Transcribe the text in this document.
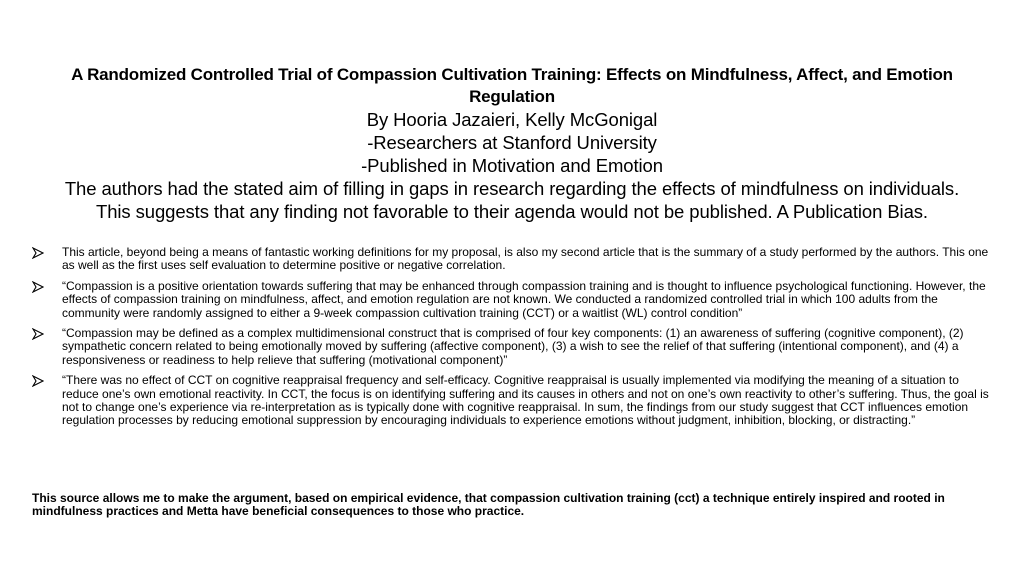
A Randomized Controlled Trial of Compassion Cultivation Training: Effects on Mindfulness, Affect, and Emotion Regulation
By Hooria Jazaieri, Kelly McGonigal
-Researchers at Stanford University
-Published in Motivation and Emotion
The authors had the stated aim of filling in gaps in research regarding the effects of mindfulness on individuals.
This suggests that any finding not favorable to their agenda would not be published. A Publication Bias.
This article, beyond being a means of fantastic working definitions for my proposal, is also my second article that is the summary of a study performed by the authors. This one as well as the first uses self evaluation to determine positive or negative correlation.
“Compassion is a positive orientation towards suffering that may be enhanced through compassion training and is thought to influence psychological functioning. However, the effects of compassion training on mindfulness, affect, and emotion regulation are not known. We conducted a randomized controlled trial in which 100 adults from the community were randomly assigned to either a 9-week compassion cultivation training (CCT) or a waitlist (WL) control condition”
“Compassion may be defined as a complex multidimensional construct that is comprised of four key components: (1) an awareness of suffering (cognitive component), (2) sympathetic concern related to being emotionally moved by suffering (affective component), (3) a wish to see the relief of that suffering (intentional component), and (4) a responsiveness or readiness to help relieve that suffering (motivational component)”
“There was no effect of CCT on cognitive reappraisal frequency and self-efficacy. Cognitive reappraisal is usually implemented via modifying the meaning of a situation to reduce one’s own emotional reactivity. In CCT, the focus is on identifying suffering and its causes in others and not on one’s own reactivity to other’s suffering. Thus, the goal is not to change one’s experience via re-interpretation as is typically done with cognitive reappraisal. In sum, the findings from our study suggest that CCT influences emotion regulation processes by reducing emotional suppression by encouraging individuals to experience emotions without judgment, inhibition, blocking, or distracting.”
This source allows me to make the argument, based on empirical evidence, that compassion cultivation training (cct) a technique entirely inspired and rooted in mindfulness practices and Metta have beneficial consequences to those who practice.
